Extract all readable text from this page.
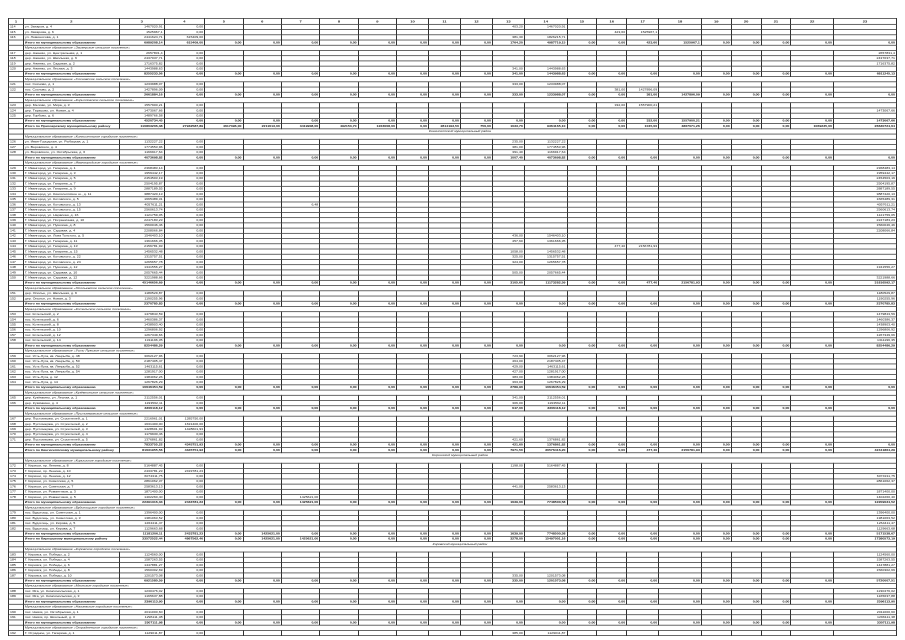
1	2	3	4	5	6	7	8	9	10	11	12	13	14	15	16	17	18	19	20	21	22	23
114	ул. Захаров, д. 4	1467020,91	0,00									403,20	1467020,91									
115	ул. Захарова, д. 6	1525967,1	0,00												423,60	1525967,1						
116	ул. Ломоносова, д. 1	2441624,71	615409,00									381,30	1826215,71									
	Итого по муниципальному образованию	6989208,14	615409,00	0,00	0,00	0,00	0,00	0,00	0,00	0,00	0,00	1764,20	4987719,15	0,00	0,00	423,60	1525967,1	0,00	0,00	0,00	0,00	0,00
	Муниципальное образование «Заозерское сельское поселение»																					
117	дер. Ажеево, ул. Центральная, д. 1	2657831,4	0,00																			2657831,4
118	дер. Ажеево, ул. Школьная, д. 6	2437037,71	0,00																			2437037,71
119	дер. Ажеево, ул. Садовая, д. 2	1716375,82	0,00																			1716375,82
120	дер. Ажеево, ул. Лесная, д. 3	1443988,63	0,00									341,00	1443988,63									
	Итого по муниципальному образованию	8255233,56	0,00	0,00	0,00	0,00	0,00	0,00	0,00	0,00	0,00	341,00	1443988,63	0,00	0,00	0,00	0,00	0,00	0,00	0,00	0,00	6811245,13
	Муниципальное образование «Сосновское сельское поселение»																					
121	пос. Сосново, д. 1	1233988,07	0,00									333,00	1233988,07									
122	пос. Сосново, д. 2	1427896,09	0,00												381,00	1427896,09						
	Итого по муниципальному образованию	2661884,16	0,00	0,00	0,00	0,00	0,00	0,00	0,00	0,00	0,00	333,00	1233988,07	0,00	0,00	381,00	1427896,09	0,00	0,00	0,00	0,00	0,00
	Муниципальное образование «Кирилловское сельское поселение»																					
123	дер. Мелово, ул. Мира, д. 3	1557900,21	0,00												332,00	1557900,21						
124	дер. Тарасово, ул. Новая, д. 4	1473067,66	0,00																			1473067,66
125	дер. Горбово, д. 6	1489766,58	0,00																			
	Итого по муниципальному образованию	4520734,45	0,00	0,00	0,00	0,00	0,00	0,00	0,00	0,00	0,00	0,00	0,00	0,00	0,00	332,00	1557900,21	0,00	0,00	0,00	0,00	1473067,66
	Итого по Приозерскому муниципальному району	110803206,38	27932587,89	4617396,00	2211613,00	3419908,00	492153,70	1223008,00	0,00	2814193,50	756,00	1033,70	9364165,10	0,00	0,00	1045,00	4867071,26	0,00	0,00	0,00	1069235,00	26630724,64
	Кингисеппский муниципальный район																					
	Муниципальное образование «Кингисеппское городское поселение»																					
126	ул. Иван-Городская, ул. Рыбацкая, д. 1	1132227,22	0,00									235,00	1132227,22									
127	ул. Воровского, д. 4	1774553,96	0,00									381,00	1774553,96									
128	ул. Воровского, ул. Октябрьская, д. 6	1166917,64	0,00									391,40	1166917,64									
	Итого по муниципальному образованию	4073698,82	0,00	0,00	0,00	0,00	0,00	0,00	0,00	0,00	0,00	1007,40	4073698,82	0,00	0,00	0,00	0,00	0,00	0,00	0,00	0,00	0,00
	Муниципальное образование «Ивангородское городское поселение»																					
129	Г. Ивангород, ул. Гагарина, д. 1	2368483,14	0,00																			2368483,14
130	Г. Ивангород, ул. Гагарина, д. 3	1959442,17	0,00																			1959442,17
131	Г. Ивангород, ул. Гагарина, д. 5	2454503,19	0,00																			2454503,19
132	Г. Ивангород, ул. Гагарина, д. 7	2504195,87	0,00																			2504195,87
133	Г. Ивангород, ул. Гагарина, д. 9	2887189,55	0,00																			2887189,55
134	Г. Ивангород, ул. Кингисеппское ш., д. 11	3887420,13	0,00																			3887420,13
135	Г. Ивангород, ул. Котовского, д. 5	1665489,31	0,00																			1665489,31
136	Г. Ивангород, ул. Котовского, д. 13	4057611,21	0,00			6,48																4057611,21
137	Г. Ивангород, ул. Котовского, д. 15	2560613,74	0,00																			2560613,74
138	Г. Ивангород, ул. Нарвская, д. 16	1121759,05	0,00																			1121759,05
139	Г. Ивангород, ул. Пограничная, д. 10	2247183,23	0,00																			2247183,23
140	Г. Ивангород, ул. Пушкина, д. 8	1560046,46	0,00																			1560046,46
141	Г. Ивангород, ул. Садовая, д. 4	2208066,84	0,00																			2208066,84
142	Г. Ивангород, ул. Льва Толстого, д. 5	1546403,10	0,00									436,00	1546403,10									
143	Г. Ивангород, ул. Гагарина, д. 11	1361666,35	0,00									457,60	1361666,35									
144	Г. Ивангород, ул. Гагарина, д. 13	2156781,93	0,00												477,40	2156781,93						
145	Г. Ивангород, ул. Гагарина, д. 15	1456532,48	0,00									1058,00	1456532,48									
146	Г. Ивангород, ул. Котовского, д. 22	1315757,51	0,00									325,00	1315757,51									
147	Г. Ивангород, ул. Котовского, д. 24	1265657,78	0,00									324,00	1265657,78									
148	Г. Ивангород, ул. Пушкина, д. 12	1341556,27	0,00																			1341556,27
149	Г. Ивангород, ул. Садовая, д. 10	2057665,44	0,00									505,00	2057665,44									
150	Г. Ивангород, ул. Садовая, д. 12	3221988,66	0,00																			3221988,66
	Итого по муниципальному образованию	45146656,69	0,00	0,00	0,00	0,00	0,00	0,00	0,00	0,00	0,00	3105,60	11173282,59	0,00	0,00	477,40	2156781,93	0,00	0,00	0,00	0,00	31816592,17
	Муниципальное образование «Опольевское сельское поселение»																					
151	дер. Ополье, ул. Школьная, д. 9	1180529,87	0,00																			1180529,87
152	дер. Ополье, ул. Новая, д. 3	1190255,96	0,00																			1190255,96
	Итого по муниципальному образованию	2370785,83	0,00	0,00	0,00	0,00	0,00	0,00	0,00	0,00	0,00	0,00	0,00	0,00	0,00	0,00	0,00	0,00	0,00	0,00	0,00	2370785,83
	Муниципальное образование «Котельское сельское поселение»																					
153	пос. Котельский, д. 2	1479843,59	0,00																			1479843,59
154	пос. Котельский, д. 6	1460386,37	0,00																			1460386,37
155	пос. Котельский, д. 8	1438903,40	0,00																			1438903,40
156	пос. Котельский, д. 10	1296806,92	0,00																			1296806,92
157	пос. Котельский, д. 12	1267349,66	0,00																			1267349,66
158	пос. Котельский, д. 14	1311196,35	0,00																			1311196,35
	Итого по муниципальному образованию	8254486,29	0,00	0,00	0,00	0,00	0,00	0,00	0,00	0,00	0,00	0,00	0,00	0,00	0,00	0,00	0,00	0,00	0,00	0,00	0,00	8254486,29
	Муниципальное образование «Усть-Лужское сельское поселение»																					
159	пос. Усть-Луга, кв. Ленрыба, д. 48	3062127,96	0,00									723,90	3062127,96									
160	пос. Усть-Луга, кв. Ленрыба, д. 50	2187405,47	0,00									464,00	2187405,47									
161	пос. Усть-Луга, кв. Ленрыба, д. 52	1463115,61	0,00									429,00	1463115,61									
162	пос. Усть-Луга, кв. Ленрыба, д. 54	1281917,00	0,00									427,00	1281917,00									
163	пос. Усть-Луга, д. 12	1384062,26	0,00									383,00	1384062,26									
164	пос. Усть-Луга, д. 14	1267826,29	0,00									363,00	1267826,29									
	Итого по муниципальному образованию	10646454,59	0,00	0,00	0,00	0,00	0,00	0,00	0,00	0,00	0,00	2789,90	10646454,59	0,00	0,00	0,00	0,00	0,00	0,00	0,00	0,00	0,00
	Муниципальное образование «Кузёмкинское сельское поселение»																					
165	дер. Кузёмкино, ул. Лесная, д. 1	2112556,01	0,00									341,00	2112556,01									
166	дер. Кузёмкино, д. 4	1193562,11	0,00									306,00	1193562,11									
	Итого по муниципальному образованию	3306118,12	0,00	0,00	0,00	0,00	0,00	0,00	0,00	0,00	0,00	647,00	3306118,12	0,00	0,00	0,00	0,00	0,00	0,00	0,00	0,00	0,00
	Муниципальное образование «Пустомержское сельское поселение»																					
167	дер. Пустомержа, ул. Строителей, д. 1	2216961,01	1285750,00																			
168	дер. Пустомержа, ул. Строителей, д. 2	1631400,00	1631400,00																			
169	дер. Пустомержа, ул. Строителей, д. 3	1428601,93	1428601,93																			
170	дер. Пустомержа, ул. Строителей, д. 4	1179930,46	0,00																			
171	дер. Пустомержа, ул. Строителей, д. 5	1376861,82	0,00									421,60	1376861,82									
	Итого по муниципальному образованию	7833755,22	4345751,93	0,00	0,00	0,00	0,00	0,00	0,00	0,00	0,00	421,60	1376861,82	0,00	0,00	0,00	0,00	0,00	0,00	0,00	0,00	0,00
	Итого по Кингисеппскому муниципальному району	81631955,56	4345751,93	0,00	0,00	0,00	0,00	0,00	0,00	0,00	0,00	7971,50	30576416,20	0,00	0,00	477,40	2156781,93	0,00	0,00	0,00	0,00	42441864,29
	Киришский муниципальный район																					
	Муниципальное образование «Киришское городское поселение»																					
172	Г. Кириши, пр. Ленина, д. 8	5164887,45	0,00									1198,00	5164887,45									
173	Г. Кириши, пр. Ленина, д. 10	2433781,23	2433781,23																			
174	Г. Кириши, пр. Ленина, д. 12	6074311,75	0,00																			6074311,75
175	Г. Кириши, ул. Советская, д. 5	2861062,37	0,00																			2861062,37
176	Г. Кириши, ул. Советская, д. 7	2583613,13	0,00									441,00	2583613,13									
177	Г. Кириши, ул. Романтиков, д. 3	1871400,00	0,00																			1871400,00
178	Г. Кириши, ул. Романтиков, д. 5	1402260,40	0,00			1425621,00																1402260,40
	Итого по муниципальному образованию	22391316,33	2433781,23	0,00	0,00	1425621,00	0,00	0,00	0,00	0,00	0,00	1639,00	7748500,58	0,00	0,00	0,00	0,00	0,00	0,00	0,00	0,00	12209034,52
	Муниципальное образование «Будогощское городское поселение»																					
179	пос. Будогощь, ул. Советская, д. 1	1396400,00	0,00																			1396400,00
180	пос. Будогощь, ул. Советская, д. 3	1381063,52	0,00																			1381063,52
181	пос. Будогощь, ул. Кирова, д. 5	1264411,47	0,00																			1264411,47
182	пос. Будогощь, ул. Кирова, д. 7	1129663,68	0,00																			1129663,68
	Итого по муниципальному образованию	11181206,11	2433781,23	0,00	1425621,00	0,00	0,00	0,00	0,00	0,00	0,00	1639,00	7748500,58	0,00	0,00	0,00	0,00	0,00	0,00	0,00	0,00	5171538,67
	Итого по Киришскому муниципальному району	33572522,44	4867562,46	0,00	1425621,00	1425621,00	0,00	0,00	0,00	0,00	0,00	3278,00	15497001,16	0,00	0,00	0,00	0,00	0,00	0,00	0,00	0,00	17380573,19
	Кировский муниципальный район																					
	Муниципальное образование «Кировское городское поселение»																					
183	Г. Кировск, ул. Победы, д. 2	1124560,00	0,00																			1124560,00
184	Г. Кировск, ул. Победы, д. 4	1587263,55	0,00																			1587263,55
185	Г. Кировск, ул. Победы, д. 6	1447881,27	0,00																			1447881,27
186	Г. Кировск, ул. Победы, д. 8	1560302,69	0,00																			1560302,69
187	Г. Кировск, ул. Победы, д. 10	1201573,08	0,00									335,00	1201573,08									
	Итого по муниципальному образованию	6921580,59	0,00	0,00	0,00	0,00	0,00	0,00	0,00	0,00	0,00	335,00	1201573,08	0,00	0,00	0,00	0,00	0,00	0,00	0,00	0,00	5720007,51
	Муниципальное образование «Мгинское городское поселение»																					
188	пос. Мга, ул. Комсомольская, д. 1	1230476,02	0,00																			1230476,02
189	пос. Мга, ул. Комсомольская, д. 3	1165637,88	0,00																			1165637,88
	Итого по муниципальному образованию	2396113,90	0,00	0,00	0,00	0,00	0,00	0,00	0,00	0,00	0,00	0,00	0,00	0,00	0,00	0,00	0,00	0,00	0,00	0,00	0,00	2396113,90
	Муниципальное образование «Назиевское городское поселение»																					
190	пос. Назия, ул. Октябрьская, д. 1	2011000,60	0,00																			2011000,60
191	пос. Назия, пр. Школьный, д. 3	1296111,38	0,00																			1296111,38
	Итого по муниципальному образованию	3307111,98	0,00	0,00	0,00	0,00	0,00	0,00	0,00	0,00	0,00	0,00	0,00	0,00	0,00	0,00	0,00	0,00	0,00	0,00	0,00	3307111,98
	Муниципальное образование «Отрадненское городское поселение»																					
192	Г. Отрадное, ул. Гагарина, д. 1	1129011,87	0,00									385,00	1129011,87									
